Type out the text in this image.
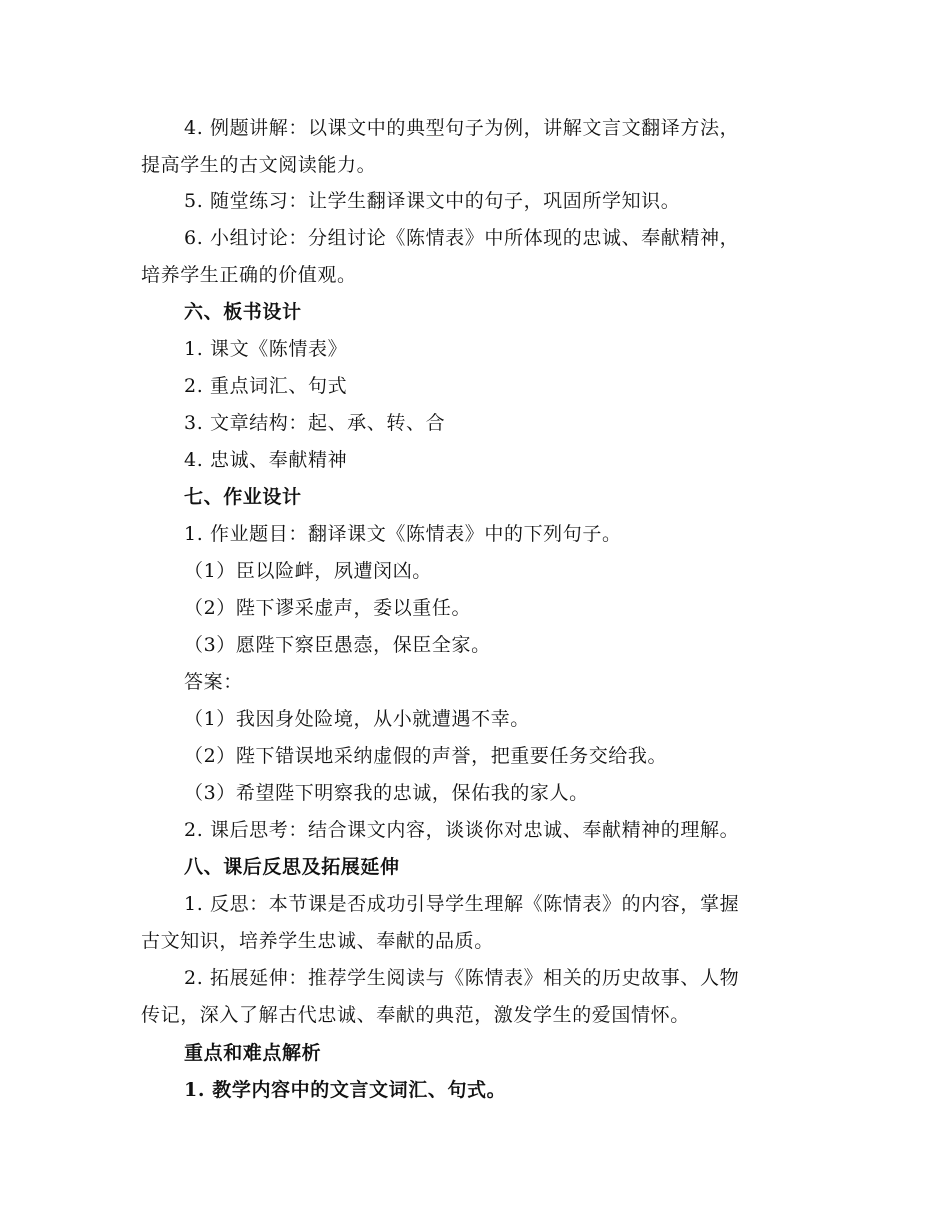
4. 例题讲解：以课文中的典型句子为例，讲解文言文翻译方法，
提高学生的古文阅读能力。
5. 随堂练习：让学生翻译课文中的句子，巩固所学知识。
6. 小组讨论：分组讨论《陈情表》中所体现的忠诚、奉献精神，
培养学生正确的价值观。
六、板书设计
1. 课文《陈情表》
2. 重点词汇、句式
3. 文章结构：起、承、转、合
4. 忠诚、奉献精神
七、作业设计
1. 作业题目：翻译课文《陈情表》中的下列句子。
（1）臣以险衅，夙遭闵凶。
（2）陛下谬采虚声，委以重任。
（3）愿陛下察臣愚悫，保臣全家。
答案：
（1）我因身处险境，从小就遭遇不幸。
（2）陛下错误地采纳虚假的声誉，把重要任务交给我。
（3）希望陛下明察我的忠诚，保佑我的家人。
2. 课后思考：结合课文内容，谈谈你对忠诚、奉献精神的理解。
八、课后反思及拓展延伸
1. 反思：本节课是否成功引导学生理解《陈情表》的内容，掌握
古文知识，培养学生忠诚、奉献的品质。
2. 拓展延伸：推荐学生阅读与《陈情表》相关的历史故事、人物
传记，深入了解古代忠诚、奉献的典范，激发学生的爱国情怀。
重点和难点解析
1. 教学内容中的文言文词汇、句式。
